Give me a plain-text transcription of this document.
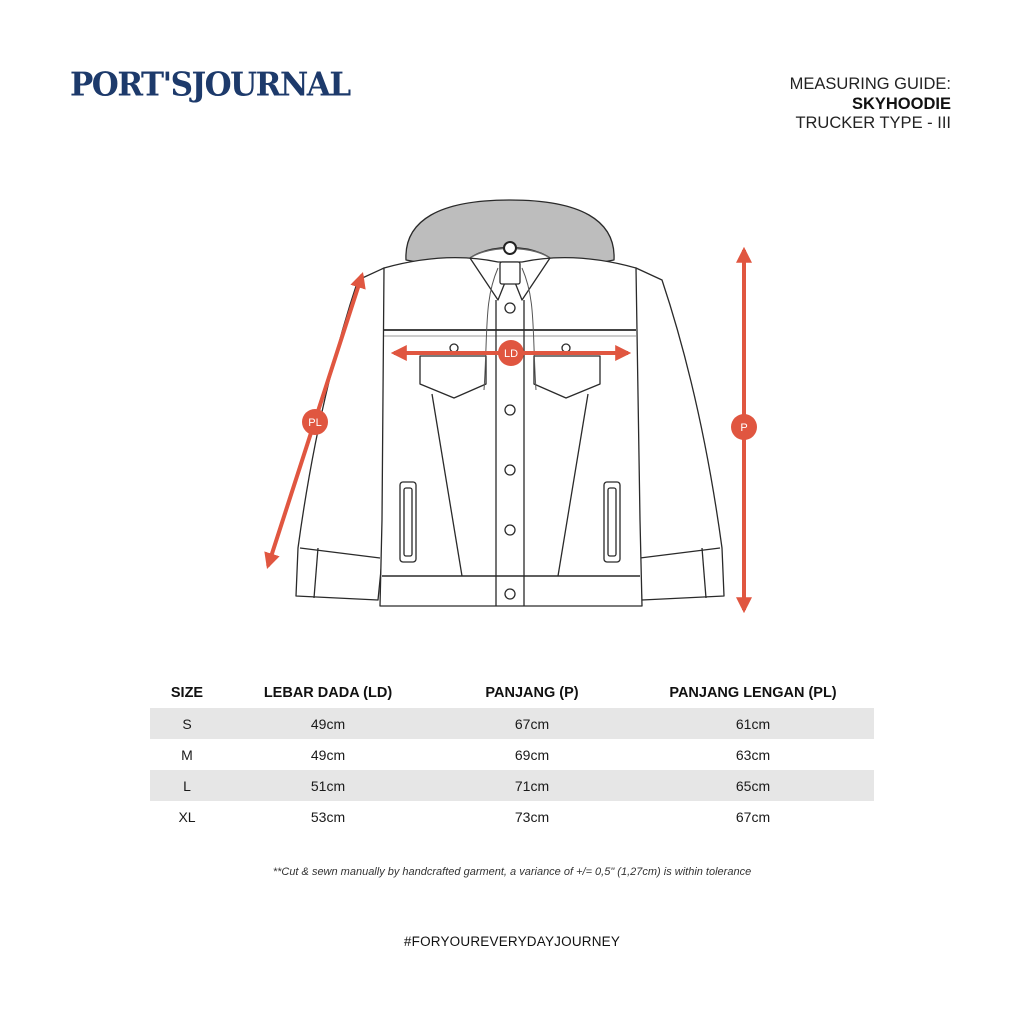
PORT'SJOURNAL	MEASURING GUIDE:
SKYHOODIE
TRUCKER TYPE - III
PL
LD
P
SIZE	LEBAR DADA (LD)	PANJANG (P)	PANJANG LENGAN (PL)
S	49cm	67cm	61cm
M	49cm	69cm	63cm
L	51cm	71cm	65cm
XL	53cm	73cm	67cm
**Cut & sewn manually by handcrafted garment, a variance of +/= 0,5" (1,27cm) is within tolerance
#FORYOUREVERYDAYJOURNEY
